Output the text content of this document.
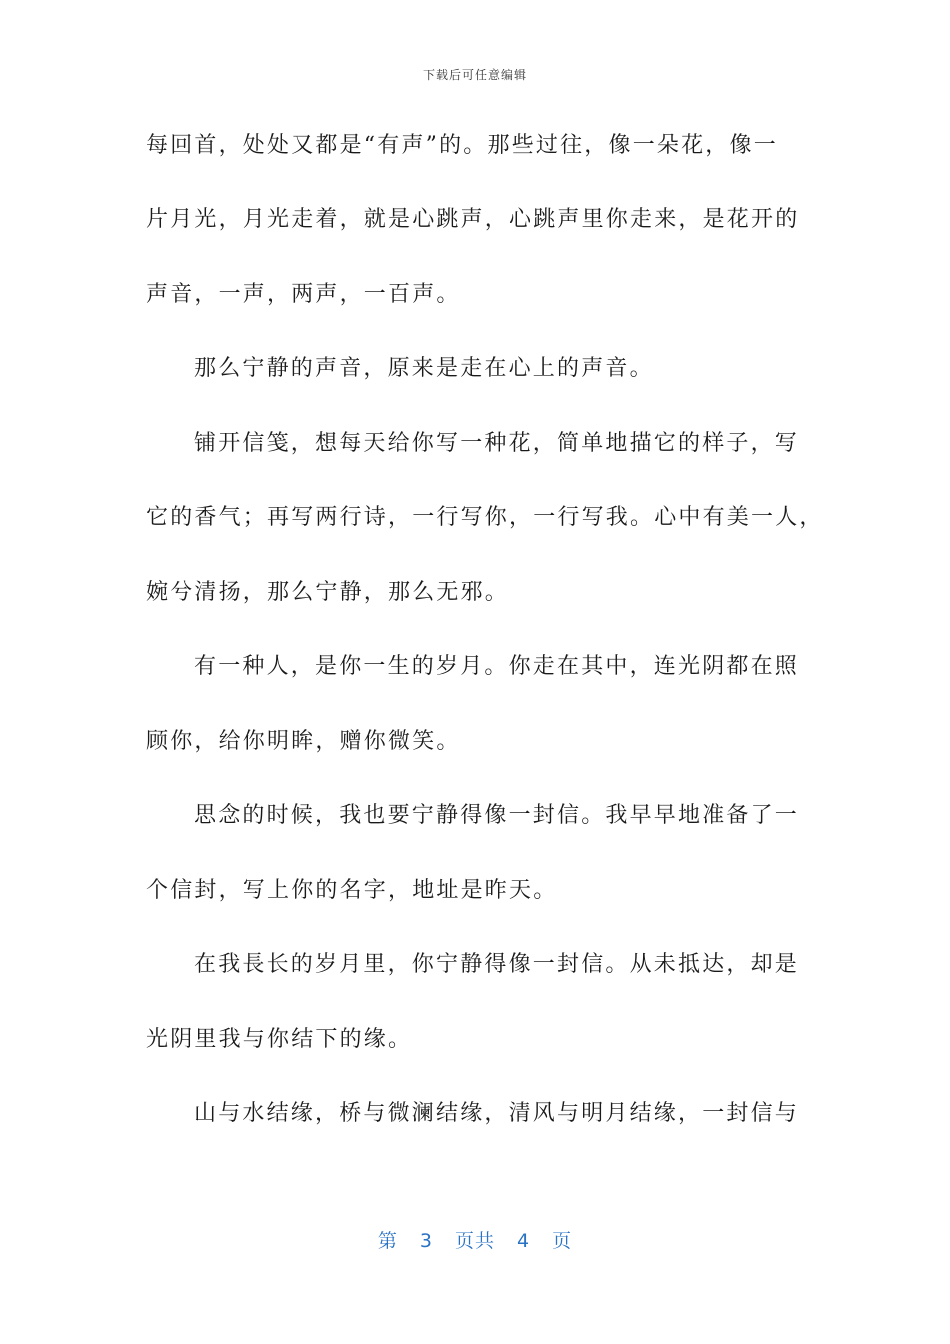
下载后可任意编辑
每回首，处处又都是“有声”的。那些过往，像一朵花，像一
片月光，月光走着，就是心跳声，心跳声里你走来，是花开的
声音，一声，两声，一百声。
那么宁静的声音，原来是走在心上的声音。
铺开信笺，想每天给你写一种花，简单地描它的样子，写
它的香气；再写两行诗，一行写你，一行写我。心中有美一人，
婉兮清扬，那么宁静，那么无邪。
有一种人，是你一生的岁月。你走在其中，连光阴都在照
顾你，给你明眸，赠你微笑。
思念的时候，我也要宁静得像一封信。我早早地准备了一
个信封，写上你的名字，地址是昨天。
在我長长的岁月里，你宁静得像一封信。从未抵达，却是
光阴里我与你结下的缘。
山与水结缘，桥与微澜结缘，清风与明月结缘，一封信与
第 3 页共 4 页
